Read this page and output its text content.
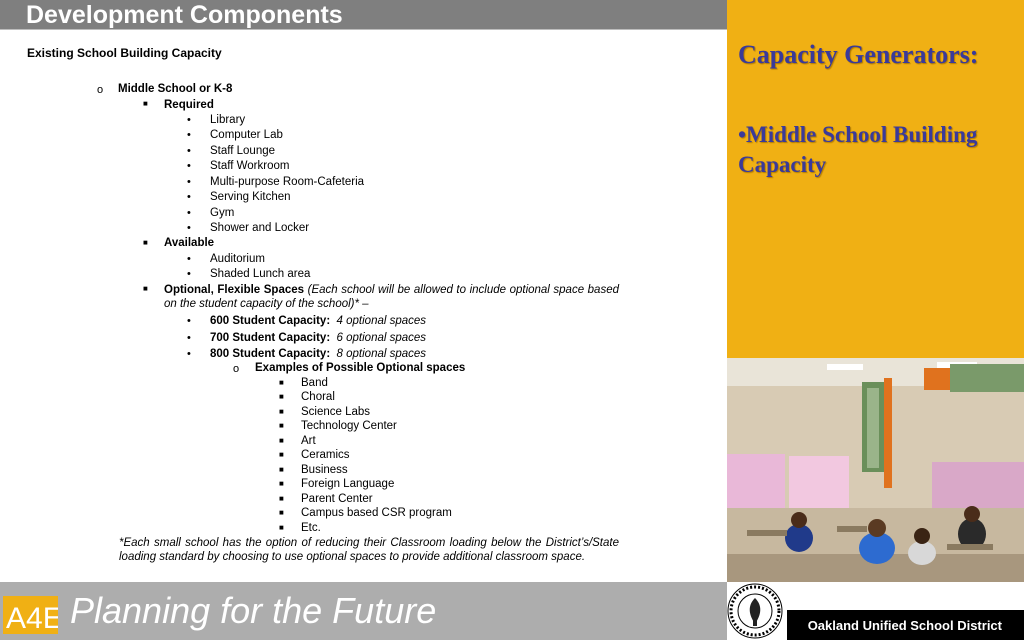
Development Components
Existing School Building Capacity
o Middle School or K-8
■ Required
• Library
• Computer Lab
• Staff Lounge
• Staff Workroom
• Multi-purpose Room-Cafeteria
• Serving Kitchen
• Gym
• Shower and Locker
■ Available
• Auditorium
• Shaded Lunch area
■ Optional, Flexible Spaces (Each school will be allowed to include optional space based on the student capacity of the school)* –
• 600 Student Capacity: 4 optional spaces
• 700 Student Capacity: 6 optional spaces
• 800 Student Capacity: 8 optional spaces
o Examples of Possible Optional spaces
■ Band
■ Choral
■ Science Labs
■ Technology Center
■ Art
■ Ceramics
■ Business
■ Foreign Language
■ Parent Center
■ Campus based CSR program
■ Etc.
*Each small school has the option of reducing their Classroom loading below the District’s/State loading standard by choosing to use optional spaces to provide additional classroom space.
Capacity Generators:
•Middle School Building Capacity
A4E Planning for the Future	Oakland Unified School District
